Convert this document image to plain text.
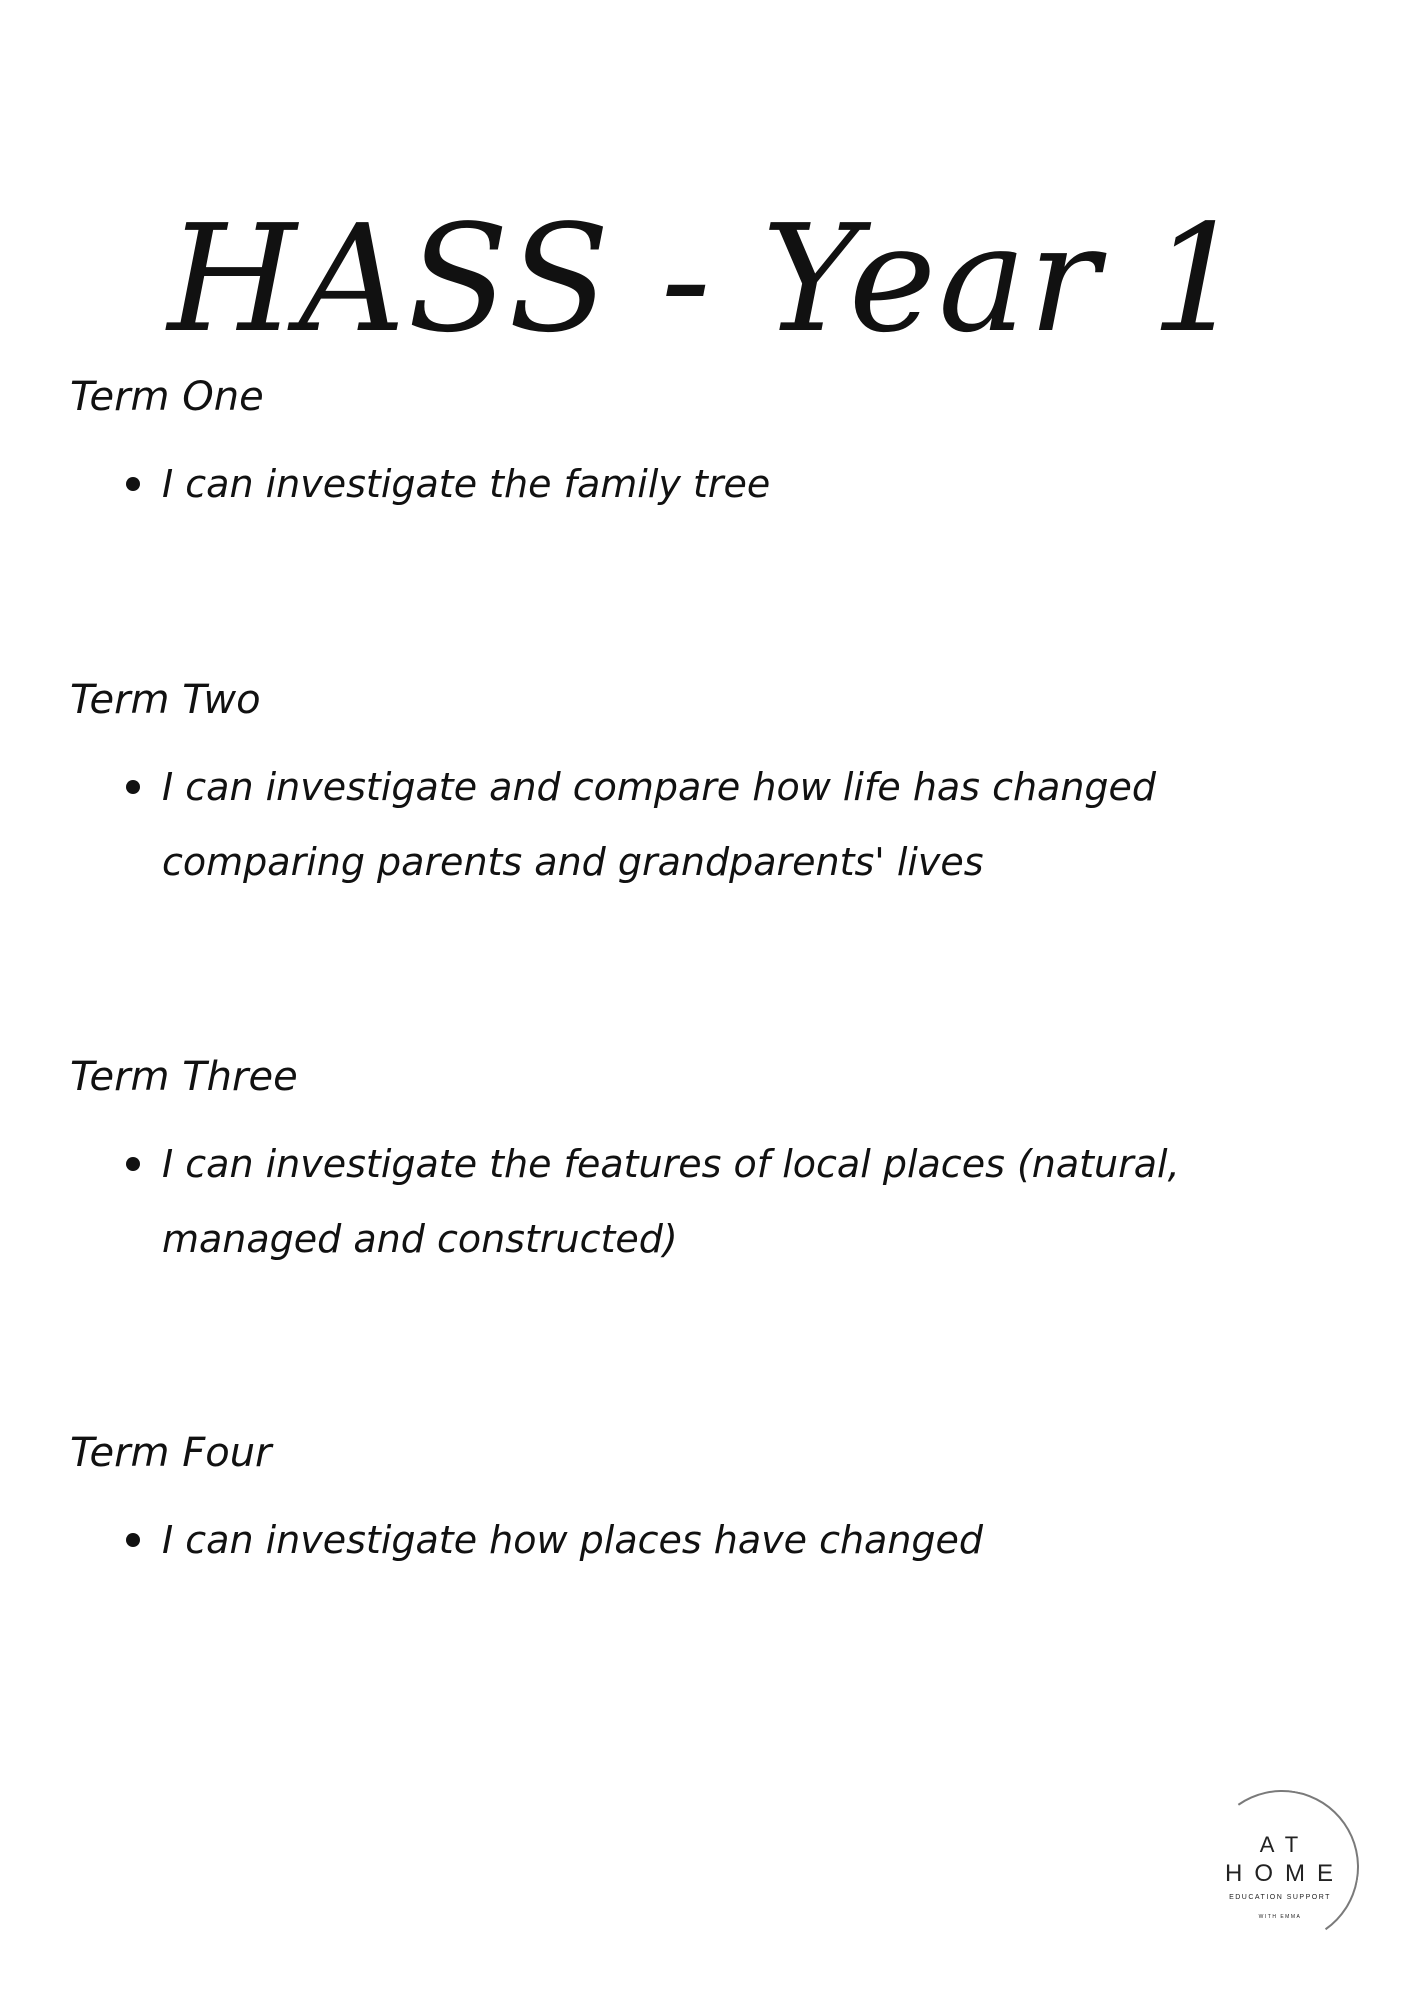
HASS - Year 1
Term One
I can investigate the family tree
Term Two
I can investigate and compare how life has changed comparing parents and grandparents' lives
Term Three
I can investigate the features of local places (natural, managed and constructed)
Term Four
I can investigate how places have changed
AT
HOME
EDUCATION SUPPORT
WITH EMMA
